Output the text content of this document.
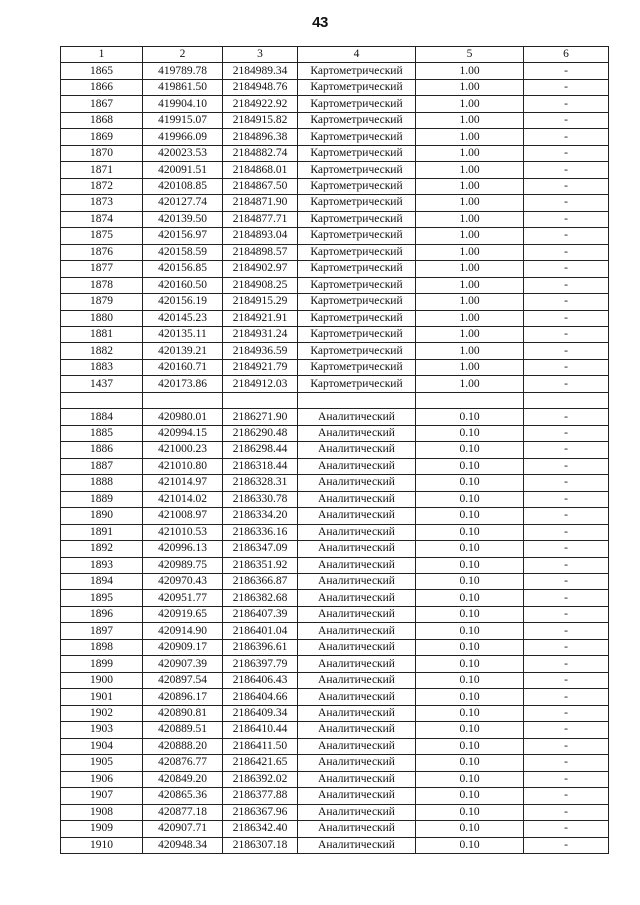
43
1	2	3	4	5	6
1865	419789.78	2184989.34	Картометрический	1.00	-
1866	419861.50	2184948.76	Картометрический	1.00	-
1867	419904.10	2184922.92	Картометрический	1.00	-
1868	419915.07	2184915.82	Картометрический	1.00	-
1869	419966.09	2184896.38	Картометрический	1.00	-
1870	420023.53	2184882.74	Картометрический	1.00	-
1871	420091.51	2184868.01	Картометрический	1.00	-
1872	420108.85	2184867.50	Картометрический	1.00	-
1873	420127.74	2184871.90	Картометрический	1.00	-
1874	420139.50	2184877.71	Картометрический	1.00	-
1875	420156.97	2184893.04	Картометрический	1.00	-
1876	420158.59	2184898.57	Картометрический	1.00	-
1877	420156.85	2184902.97	Картометрический	1.00	-
1878	420160.50	2184908.25	Картометрический	1.00	-
1879	420156.19	2184915.29	Картометрический	1.00	-
1880	420145.23	2184921.91	Картометрический	1.00	-
1881	420135.11	2184931.24	Картометрический	1.00	-
1882	420139.21	2184936.59	Картометрический	1.00	-
1883	420160.71	2184921.79	Картометрический	1.00	-
1437	420173.86	2184912.03	Картометрический	1.00	-

1884	420980.01	2186271.90	Аналитический	0.10	-
1885	420994.15	2186290.48	Аналитический	0.10	-
1886	421000.23	2186298.44	Аналитический	0.10	-
1887	421010.80	2186318.44	Аналитический	0.10	-
1888	421014.97	2186328.31	Аналитический	0.10	-
1889	421014.02	2186330.78	Аналитический	0.10	-
1890	421008.97	2186334.20	Аналитический	0.10	-
1891	421010.53	2186336.16	Аналитический	0.10	-
1892	420996.13	2186347.09	Аналитический	0.10	-
1893	420989.75	2186351.92	Аналитический	0.10	-
1894	420970.43	2186366.87	Аналитический	0.10	-
1895	420951.77	2186382.68	Аналитический	0.10	-
1896	420919.65	2186407.39	Аналитический	0.10	-
1897	420914.90	2186401.04	Аналитический	0.10	-
1898	420909.17	2186396.61	Аналитический	0.10	-
1899	420907.39	2186397.79	Аналитический	0.10	-
1900	420897.54	2186406.43	Аналитический	0.10	-
1901	420896.17	2186404.66	Аналитический	0.10	-
1902	420890.81	2186409.34	Аналитический	0.10	-
1903	420889.51	2186410.44	Аналитический	0.10	-
1904	420888.20	2186411.50	Аналитический	0.10	-
1905	420876.77	2186421.65	Аналитический	0.10	-
1906	420849.20	2186392.02	Аналитический	0.10	-
1907	420865.36	2186377.88	Аналитический	0.10	-
1908	420877.18	2186367.96	Аналитический	0.10	-
1909	420907.71	2186342.40	Аналитический	0.10	-
1910	420948.34	2186307.18	Аналитический	0.10	-
